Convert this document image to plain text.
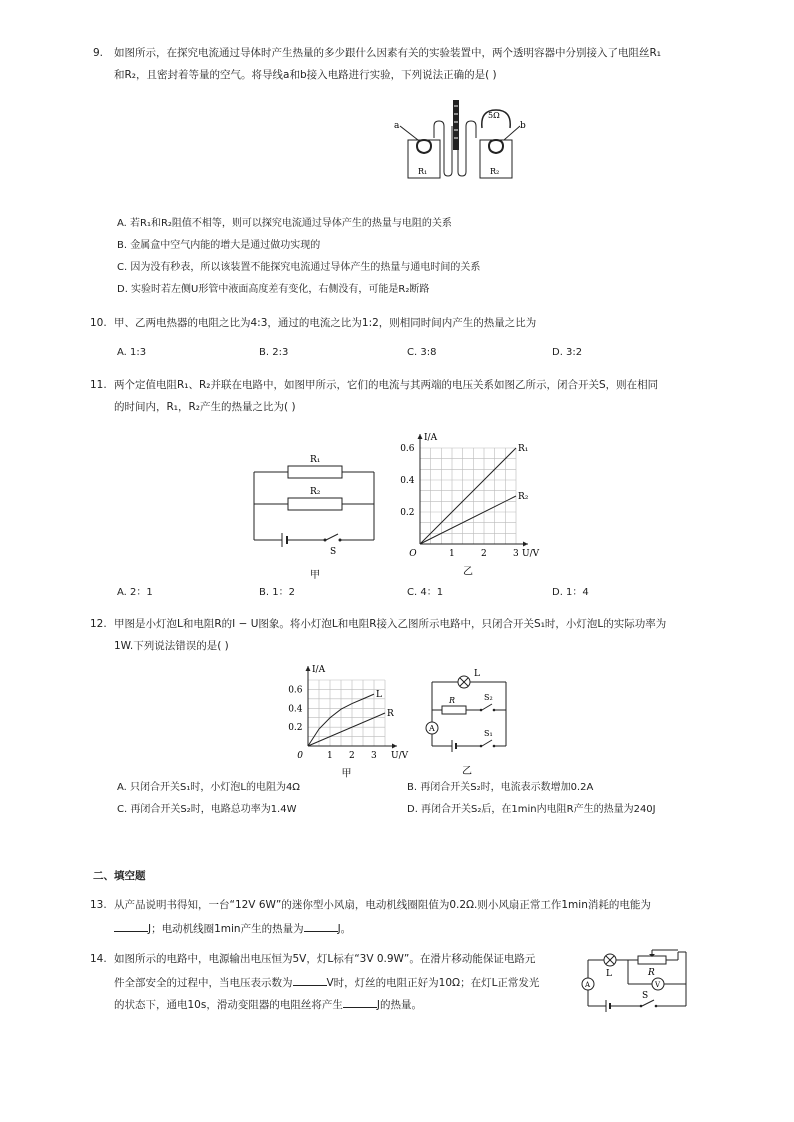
9. 如图所示，在探究电流通过导体时产生热量的多少跟什么因素有关的实验装置中，两个透明容器中分别接入了电阻丝R₁
和R₂，且密封着等量的空气。将导线a和b接入电路进行实验，下列说法正确的是( )
a	b
5Ω
R₁	R₂
A. 若R₁和R₂阻值不相等，则可以探究电流通过导体产生的热量与电阻的关系
B. 金属盒中空气内能的增大是通过做功实现的
C. 因为没有秒表，所以该装置不能探究电流通过导体产生的热量与通电时间的关系
D. 实验时若左侧U形管中液面高度差有变化，右侧没有，可能是R₂断路
10. 甲、乙两电热器的电阻之比为4:3，通过的电流之比为1:2，则相同时间内产生的热量之比为
A. 1:3	B. 2:3	C. 3:8	D. 3:2
11. 两个定值电阻R₁、R₂并联在电路中，如图甲所示，它们的电流与其两端的电压关系如图乙所示，闭合开关S，则在相同
的时间内，R₁，R₂产生的热量之比为( )
R₁
R₂
S
甲
1	2	3
0.2
0.4
0.6
O	U/V
I/A
R₁
R₂
乙
A. 2：1	B. 1：2	C. 4：1	D. 1：4
12. 甲图是小灯泡L和电阻R的I − U图象。将小灯泡L和电阻R接入乙图所示电路中，只闭合开关S₁时，小灯泡L的实际功率为
1W.下列说法错误的是( )
1 2 3
0.2
0.4
0.6
0	U/V
I/A
L
R
甲
L
R
A
S₂
S₁
乙
A. 只闭合开关S₁时，小灯泡L的电阻为4Ω	B. 再闭合开关S₂时，电流表示数增加0.2A
C. 再闭合开关S₂时，电路总功率为1.4W	D. 再闭合开关S₂后，在1min内电阻R产生的热量为240J
二、填空题
13. 从产品说明书得知，一台“12V 6W”的迷你型小风扇，电动机线圈阻值为0.2Ω.则小风扇正常工作1min消耗的电能为
J；电动机线圈1min产生的热量为	J。
14. 如图所示的电路中，电源输出电压恒为5V，灯L标有“3V 0.9W”。在滑片移动能保证电路元
件全部安全的过程中，当电压表示数为	V时，灯丝的电阻正好为10Ω；在灯L正常发光
的状态下，通电10s，滑动变阻器的电阻丝将产生	J的热量。
L	R
V
A
S
